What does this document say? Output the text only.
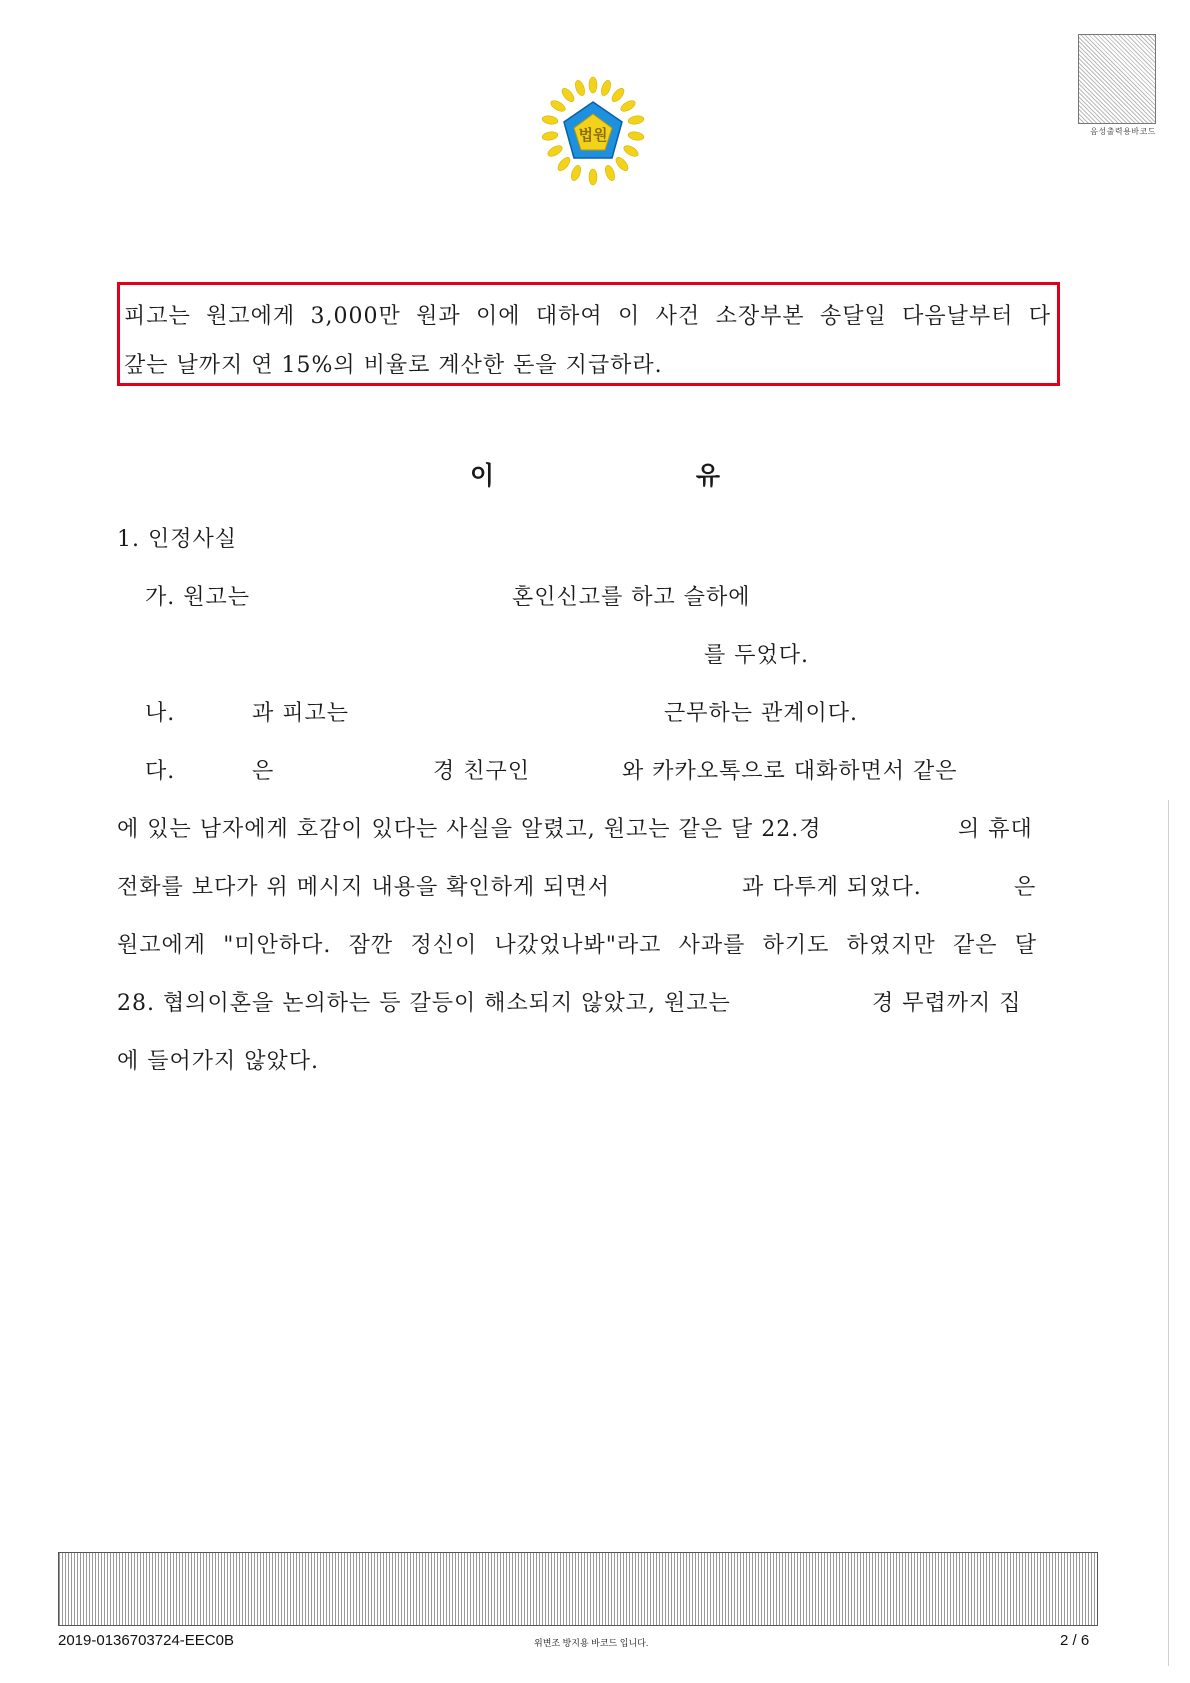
법원	음성출력용바코드
피고는 원고에게 3,000만 원과 이에 대하여 이 사건 소장부본 송달일 다음날부터 다
갚는 날까지 연 15%의 비율로 계산한 돈을 지급하라.
이	유
1. 인정사실
가. 원고는	혼인신고를 하고 슬하에
를 두었다.
나.	과 피고는	근무하는 관계이다.
다.	은	경 친구인	와 카카오톡으로 대화하면서 같은
에 있는 남자에게 호감이 있다는 사실을 알렸고, 원고는 같은 달 22.경	의 휴대
전화를 보다가 위 메시지 내용을 확인하게 되면서	과 다투게 되었다.	은
원고에게 "미안하다. 잠깐 정신이 나갔었나봐"라고 사과를 하기도 하였지만 같은 달
28. 협의이혼을 논의하는 등 갈등이 해소되지 않았고, 원고는	경 무렵까지 집
에 들어가지 않았다.
2019-0136703724-EEC0B	위변조 방지용 바코드 입니다.	2 / 6
